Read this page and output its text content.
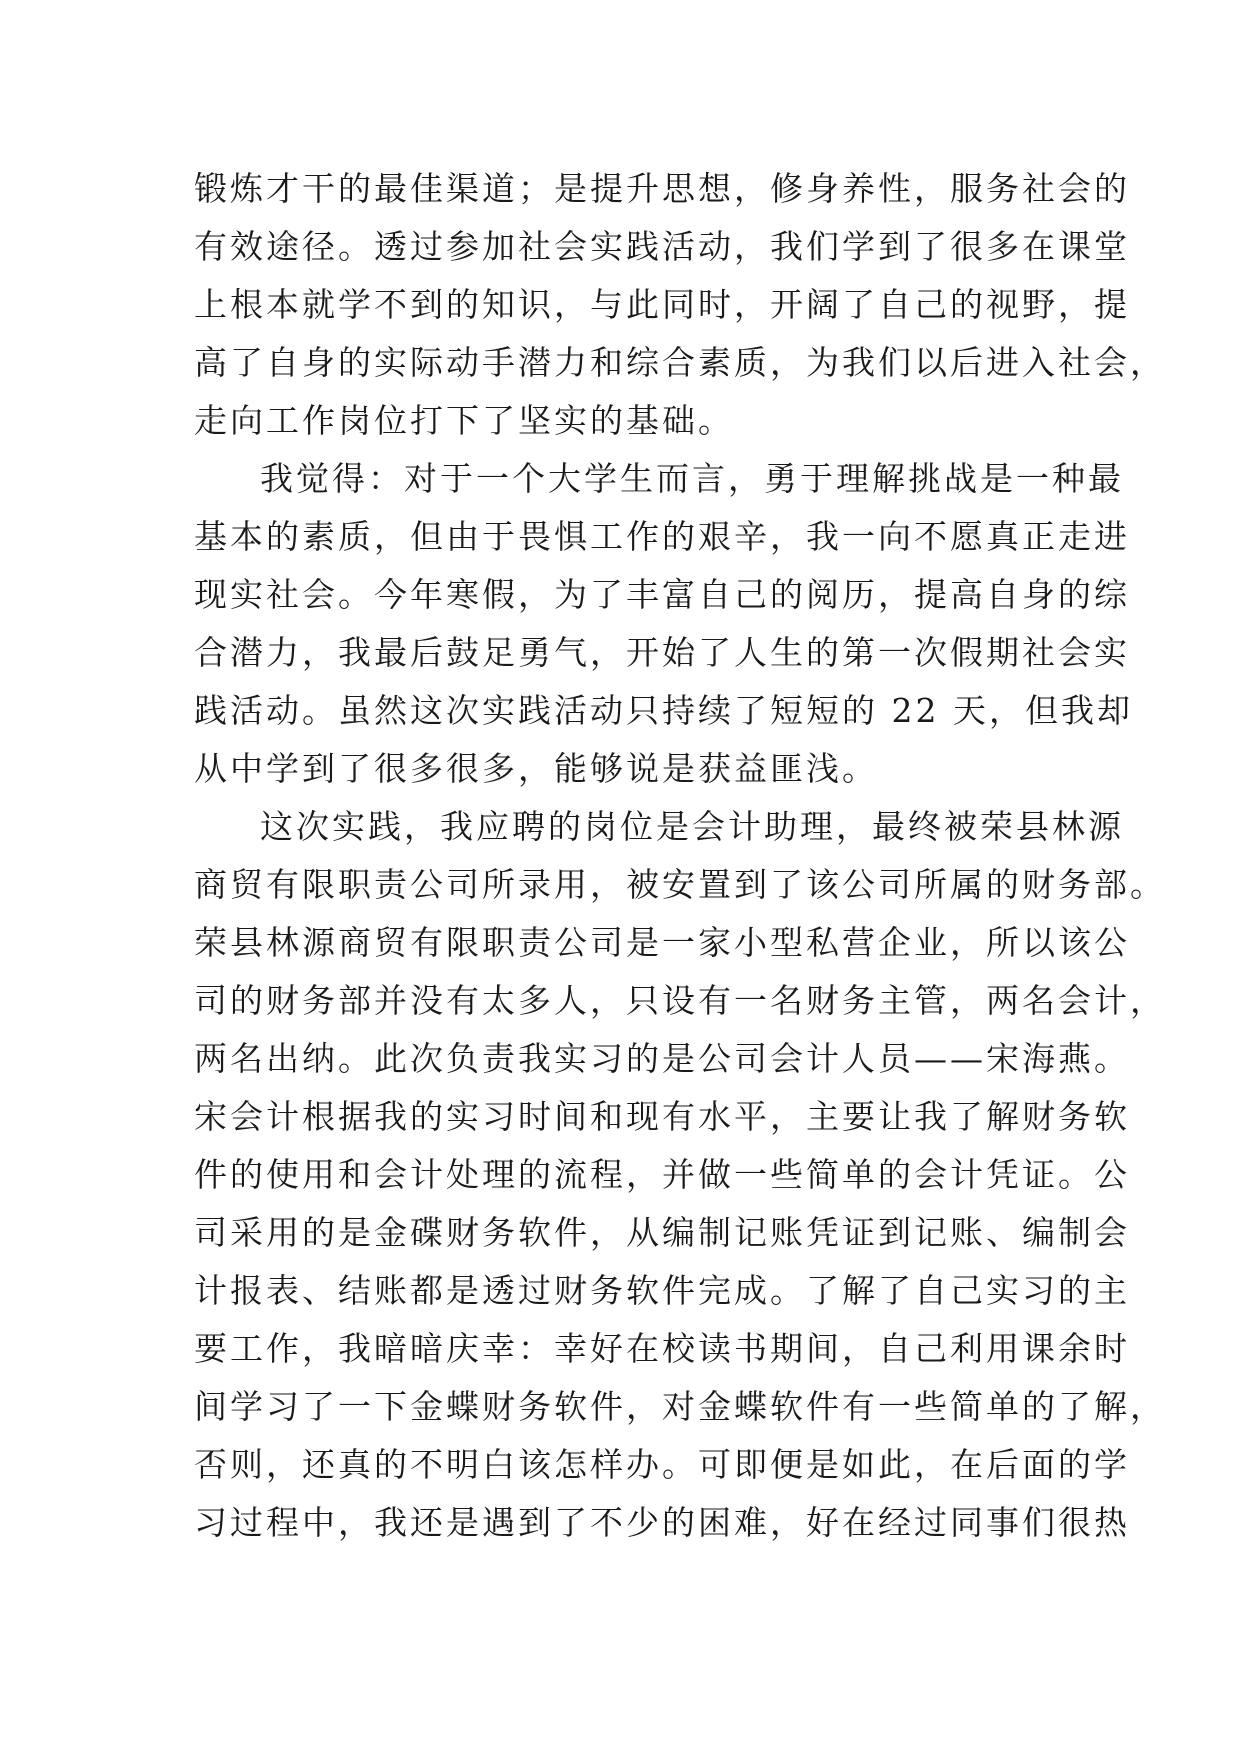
锻炼才干的最佳渠道；是提升思想，修身养性，服务社会的
有效途径。透过参加社会实践活动，我们学到了很多在课堂
上根本就学不到的知识，与此同时，开阔了自己的视野，提
高了自身的实际动手潜力和综合素质，为我们以后进入社会，
走向工作岗位打下了坚实的基础。
我觉得：对于一个大学生而言，勇于理解挑战是一种最
基本的素质，但由于畏惧工作的艰辛，我一向不愿真正走进
现实社会。今年寒假，为了丰富自己的阅历，提高自身的综
合潜力，我最后鼓足勇气，开始了人生的第一次假期社会实
践活动。虽然这次实践活动只持续了短短的 22 天，但我却
从中学到了很多很多，能够说是获益匪浅。
这次实践，我应聘的岗位是会计助理，最终被荣县林源
商贸有限职责公司所录用，被安置到了该公司所属的财务部。
荣县林源商贸有限职责公司是一家小型私营企业，所以该公
司的财务部并没有太多人，只设有一名财务主管，两名会计，
两名出纳。此次负责我实习的是公司会计人员——宋海燕。
宋会计根据我的实习时间和现有水平，主要让我了解财务软
件的使用和会计处理的流程，并做一些简单的会计凭证。公
司采用的是金碟财务软件，从编制记账凭证到记账、编制会
计报表、结账都是透过财务软件完成。了解了自己实习的主
要工作，我暗暗庆幸：幸好在校读书期间，自己利用课余时
间学习了一下金蝶财务软件，对金蝶软件有一些简单的了解，
否则，还真的不明白该怎样办。可即便是如此，在后面的学
习过程中，我还是遇到了不少的困难，好在经过同事们很热
